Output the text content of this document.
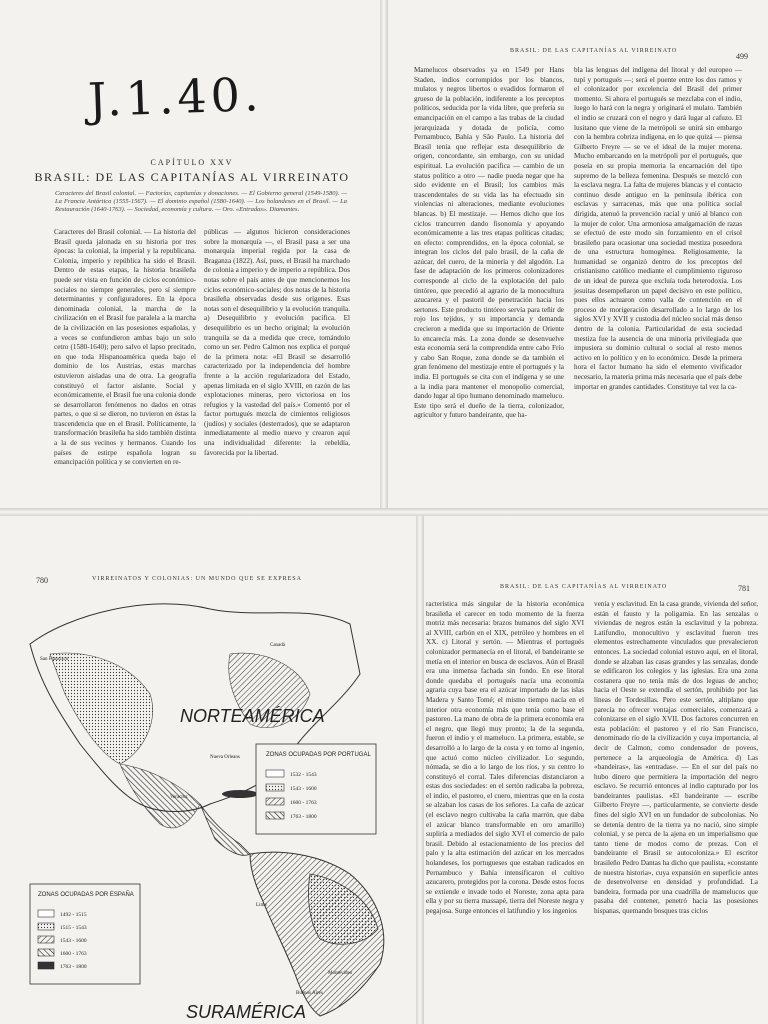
J.1.40.
CAPÍTULO XXV
BRASIL: DE LAS CAPITANÍAS AL VIRREINATO
Caracteres del Brasil colonial. — Factorías, capitanías y donaciones. — El Gobierno general (1549-1580). — La Francia Antártica (1555-1567). — El dominio español (1580-1640). — Los holandeses en el Brasil. — La Restauración (1640-1763). — Sociedad, economía y cultura. — Oro. «Entradas». Diamantes.
Caracteres del Brasil colonial. — La historia del Brasil queda jalonada en su historia por tres épocas: la colonial, la imperial y la republicana. Colonia, imperio y república ha sido el Brasil. Dentro de estas etapas, la historia brasileña puede ser vista en función de ciclos económico-sociales no siempre generales, pero sí siempre determinantes y configuradores. En la época denominada colonial, la marcha de la civilización en el Brasil fue paralela a la marcha de la civilización en las posesiones españolas, y a veces se confundieron ambas bajo un solo cetro (1580-1640); pero salvo el lapso precitado, en que toda Hispanoamérica queda bajo el dominio de los Austrias, estas marchas estuvieron aisladas una de otra. La geografía constituyó el factor aislante. Social y económicamente, el Brasil fue una colonia donde se desarrollaron fenómenos no dados en otras partes, o que si se dieron, no tuvieron en éstas la trascendencia que en el Brasil. Políticamente, la transformación brasileña ha sido también distinta a la de sus vecinos y hermanos. Cuando los países de estirpe española logran su emancipación política y se convierten en re-
públicas — algunos hicieron consideraciones sobre la monarquía —, el Brasil pasa a ser una monarquía imperial regida por la casa de Braganza (1822). Así, pues, el Brasil ha marchado de colonia a imperio y de imperio a república. Dos notas sobre el país antes de que mencionemos los ciclos económico-sociales; dos notas de la historia brasileña observadas desde sus orígenes. Esas notas son el desequilibrio y la evolución tranquila. a) Desequilibrio y evolución pacífica. El desequilibrio es un hecho original; la evolución tranquila se da a medida que crece, tomándolo como un ser. Pedro Calmon nos explica el porqué de la primera nota: «El Brasil se desarrolló caracterizado por la independencia del hombre frente a la acción regularizadora del Estado, apenas limitada en el siglo XVIII, en razón de las explotaciones mineras, pero victoriosa en los refugios y la vastedad del país.» Comentó por el factor portugués mezcla de cimientos religiosos (judíos) y sociales (desterrados), que se adaptaron inmediatamente al medio nuevo y crearon aquí una individualidad diferente: la rebeldía, favorecida por la libertad.
BRASIL: DE LAS CAPITANÍAS AL VIRREINATO
499
Mamelucos observados ya en 1549 por Hans Staden, indios corrompidos por los blancos, mulatos y negros libertos o evadidos formaron el grueso de la población, indiferente a los preceptos políticos, seducida por la vida libre, que prefería su emancipación en el campo a las trabas de la ciudad jerarquizada y dotada de policía, como Pernambuco, Bahía y São Paulo. La historia del Brasil tenía que reflejar esta desequilibrio de origen, concordante, sin embargo, con su unidad espiritual. La evolución pacífica — cambio de un status político a otro — nadie pueda negar que ha sido evidente en el Brasil; los cambios más trascendentales de su vida las ha efectuado sin violencias ni alteraciones, mediante evoluciones blancas. b) El mestizaje. — Hemos dicho que los ciclos trancurren dando fisonomía y apoyando económicamente a las tres etapas políticas citadas; en efecto: comprendidos, en la época colonial, se integran los ciclos del palo brasil, de la caña de azúcar, del cuero, de la minería y del algodón. La fase de adaptación de los primeros colonizadores corresponde al ciclo de la explotación del palo tintóreo, que precedió al agrario de la monocultura azucarera y el pastoril de penetración hacia los sertones. Este producto tintóreo servía para teñir de rojo los tejidos, y su importancia y demanda crecieron a medida que su importación de Oriente lo encarecía más. La zona donde se desenvuelve esta economía será la comprendida entre cabo Frío y cabo San Roque, zona donde se da también el gran fenómeno del mestizaje entre el portugués y la india. El portugués se cita con el indígena y se une a la india para mantener el monopolio comercial, dando lugar al tipo humano denominado mameluco. Este tipo será el dueño de la tierra, colonizador, agricultor y futuro bandeirante, que ha-
bla las lenguas del indígena del litoral y del europeo — tupí y portugués —; será el puente entre los dos ramos y el colonizador por excelencia del Brasil del primer momento. Si ahora el portugués se mezclaba con el indio, luego lo hará con la negra y originará el mulato. También el indio se cruzará con el negro y dará lugar al cafuzo. El lusitano que viene de la metrópoli se unirá sin embargo con la hembra cobriza indígena, en lo que quizá — piensa Gilberto Freyre — se ve el ideal de la mujer morena. Mucho embarcando en la metrópoli por el portugués, que poseía en su propia memoria la encarnación del tipo supremo de la belleza femenina. Después se mezcló con la esclava negra. La falta de mujeres blancas y el contacto continuo desde antiguo en la península ibérica con esclavas y sarracenas, más que una política social dirigida, atenuó la prevención racial y unió al blanco con la mujer de color. Una armoniosa amalgamación de razas se efectuó de este modo sin forzamiento en el crisol brasileño para ocasionar una sociedad mestiza poseedora de una estructura homogénea. Religiosamente, la humanidad se organizó dentro de los preceptos del cristianismo católico mediante el cumplimiento riguroso de un ideal de pureza que excluía toda heterodoxia. Los jesuitas desempeñaron un papel decisivo en este político, pues ellos actuaron como valla de contención en el proceso de morigeración desarrollado a lo largo de los siglos XVI y XVII y custodia del núcleo social más denso dentro de la colonia. Particularidad de esta sociedad mestiza fue la ausencia de una minoría privilegiada que impusiera su dominio cultural o social al resto menos activo en lo político y en lo económico. Desde la primera hora el factor humano ha sido el elemento vivificador necesario, la materia prima más necesaria que el país debe importar en grandes cantidades. Constituye tal vez la ca-
780	VIRREINATOS Y COLONIAS: UN MUNDO QUE SE EXPRESA
NORTEAMÉRICA
SURAMÉRICA
San Francisco
Canadá
Nueva Orleans
Veracruz
Montevideo
Buenos Aires
Lima
ZONAS OCUPADAS POR PORTUGAL
1532 - 1543
1543 - 1600
1600 - 1763
1763 - 1800
ZONAS OCUPADAS POR ESPAÑA
1492 - 1515
1515 - 1543
1543 - 1600
1600 - 1763
1763 - 1800
BRASIL: DE LAS CAPITANÍAS AL VIRREINATO	781
racterística más singular de la historia económica brasileña el carecer en todo momento de la fuerza motriz más necesaria: brazos humanos del siglo XVI al XVIII, carbón en el XIX, petróleo y hombres en el XX. c) Litoral y sertón. — Mientras el portugués colonizador permanecía en el litoral, el bandeirante se metía en el interior en busca de esclavos. Aún el Brasil era una inmensa fachada sin fondo. En ese litoral donde quedaba el portugués nacía una economía agraria cuya base era el azúcar importado de las islas Madera y Santo Tomé; el mismo tiempo nacía en el interior otra economía más que tenía como base el pastoreo. La mano de obra de la primera economía era el negro, que llegó muy pronto; la de la segunda, fueron el indio y el mameluco. La primera, estable, se desarrolló a lo largo de la costa y en torno al ingenio, que actuó como núcleo civilizador. Lo segundo, nómada, se dio a lo largo de los ríos, y su centro lo constituyó el corral. Tales diferencias distanciaron a estas dos sociedades: en el sertón radicaba la pobreza, el indio, el pastoreo, el cuero, mientras que en la costa se alzaban los casas de los señores. La caña de azúcar (el esclavo negro cultivaba la caña marrón, que daba el azúcar blanco transformable en oro amarillo) supliría a mediados del siglo XVI el comercio de palo brasil. Debido al estacionamiento de los precios del palo y la alta estimación del azúcar en los mercados holandeses, los portugueses que estaban radicados en Pernambuco y Bahía intensificaron el cultivo azucarero, protegidos por la corona. Desde estos focos se extiende e invade todo el Noreste, zona apta para ella y por su tierra massapé, tierra del Noreste negra y pegajosa. Surge entonces el latifundio y los ingenios
venía y esclavitud. En la casa grande, vivienda del señor, están el fausto y la poligamia. En las senzalas o viviendas de negros están la esclavitud y la pobreza. Latifundio, monocultivo y esclavitud fueron tres elementos estrechamente vinculados que prevalecieron entonces. La sociedad colonial estuvo aquí, en el litoral, donde se alzaban las casas grandes y las senzalas, donde se edificaron los colegios y las iglesias. Era una zona costanera que no tenía más de dos leguas de ancho; hacia el Oeste se extendía el sertón, prohibido por las líneas de Tordesillas. Pero este sertón, altiplano que parecía no ofrecer ventajas comerciales, comenzará a colonizarse en el siglo XVII. Dos factores concurren en esta población: el pastoreo y el río San Francisco, denominado río de la civilización y cuya importancia, al decir de Calmon, como condensador de poveos, pertenece a la arqueología de América. d) Las «bandeiras», las «entradas». — En el sur del país no hubo dinero que permitiera la importación del negro esclavo. Se recurrió entonces al indio capturado por los bandeirantes paulistas. «El bandeirante — escribe Gilberto Freyre —, particularmente, se convierte desde fines del siglo XVI en un fundador de subcolonias. No se detenía dentro de la tierra ya no nació, sino simple colonial, y se perca de la ajena en un imperialismo que tanto tiene de modos como de prezas. Con el bandeirante el Brasil se autocoloniza.» El escritor brasileño Pedro Dantas ha dicho que paulista, «constante de nuestra historia», cuya expansión en superficie antes de desenvolverse en densidad y profundidad. La bandeira, formada por una cuadrilla de mamelucos que pasaba del contener, penetró hacia las posesiones hispanas, quemando bosques tras ciclos
